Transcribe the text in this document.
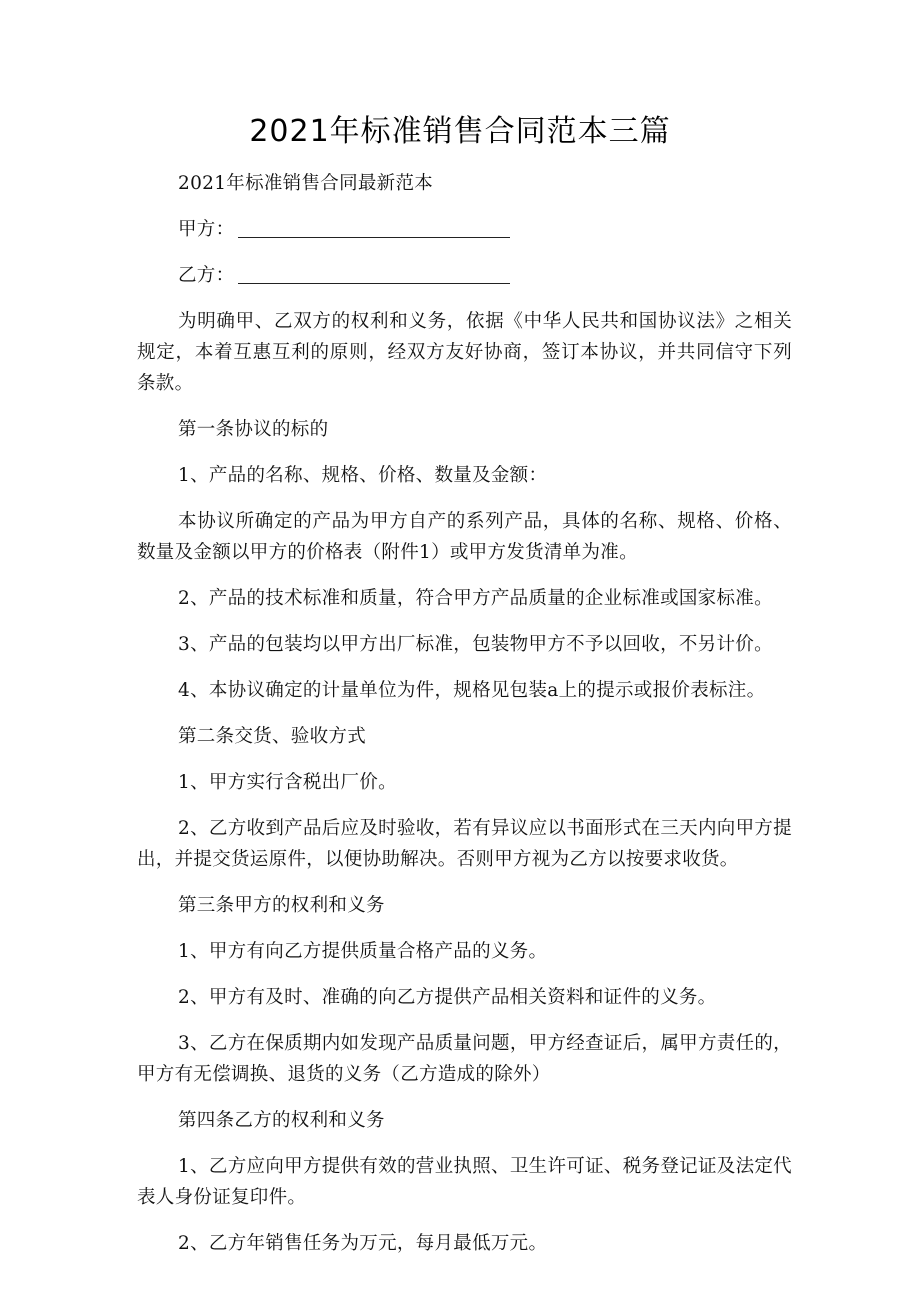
2021年标准销售合同范本三篇

2021年标准销售合同最新范本

甲方：

乙方：

为明确甲、乙双方的权利和义务，依据《中华人民共和国协议法》之相关规定，本着互惠互利的原则，经双方友好协商，签订本协议，并共同信守下列条款。

第一条协议的标的

1、产品的名称、规格、价格、数量及金额：

本协议所确定的产品为甲方自产的系列产品，具体的名称、规格、价格、数量及金额以甲方的价格表（附件1）或甲方发货清单为准。

2、产品的技术标准和质量，符合甲方产品质量的企业标准或国家标准。

3、产品的包装均以甲方出厂标准，包装物甲方不予以回收，不另计价。

4、本协议确定的计量单位为件，规格见包装a上的提示或报价表标注。

第二条交货、验收方式

1、甲方实行含税出厂价。

2、乙方收到产品后应及时验收，若有异议应以书面形式在三天内向甲方提出，并提交货运原件，以便协助解决。否则甲方视为乙方以按要求收货。

第三条甲方的权利和义务

1、甲方有向乙方提供质量合格产品的义务。

2、甲方有及时、准确的向乙方提供产品相关资料和证件的义务。

3、乙方在保质期内如发现产品质量问题，甲方经查证后，属甲方责任的，甲方有无偿调换、退货的义务（乙方造成的除外）

第四条乙方的权利和义务

1、乙方应向甲方提供有效的营业执照、卫生许可证、税务登记证及法定代表人身份证复印件。

2、乙方年销售任务为万元，每月最低万元。
